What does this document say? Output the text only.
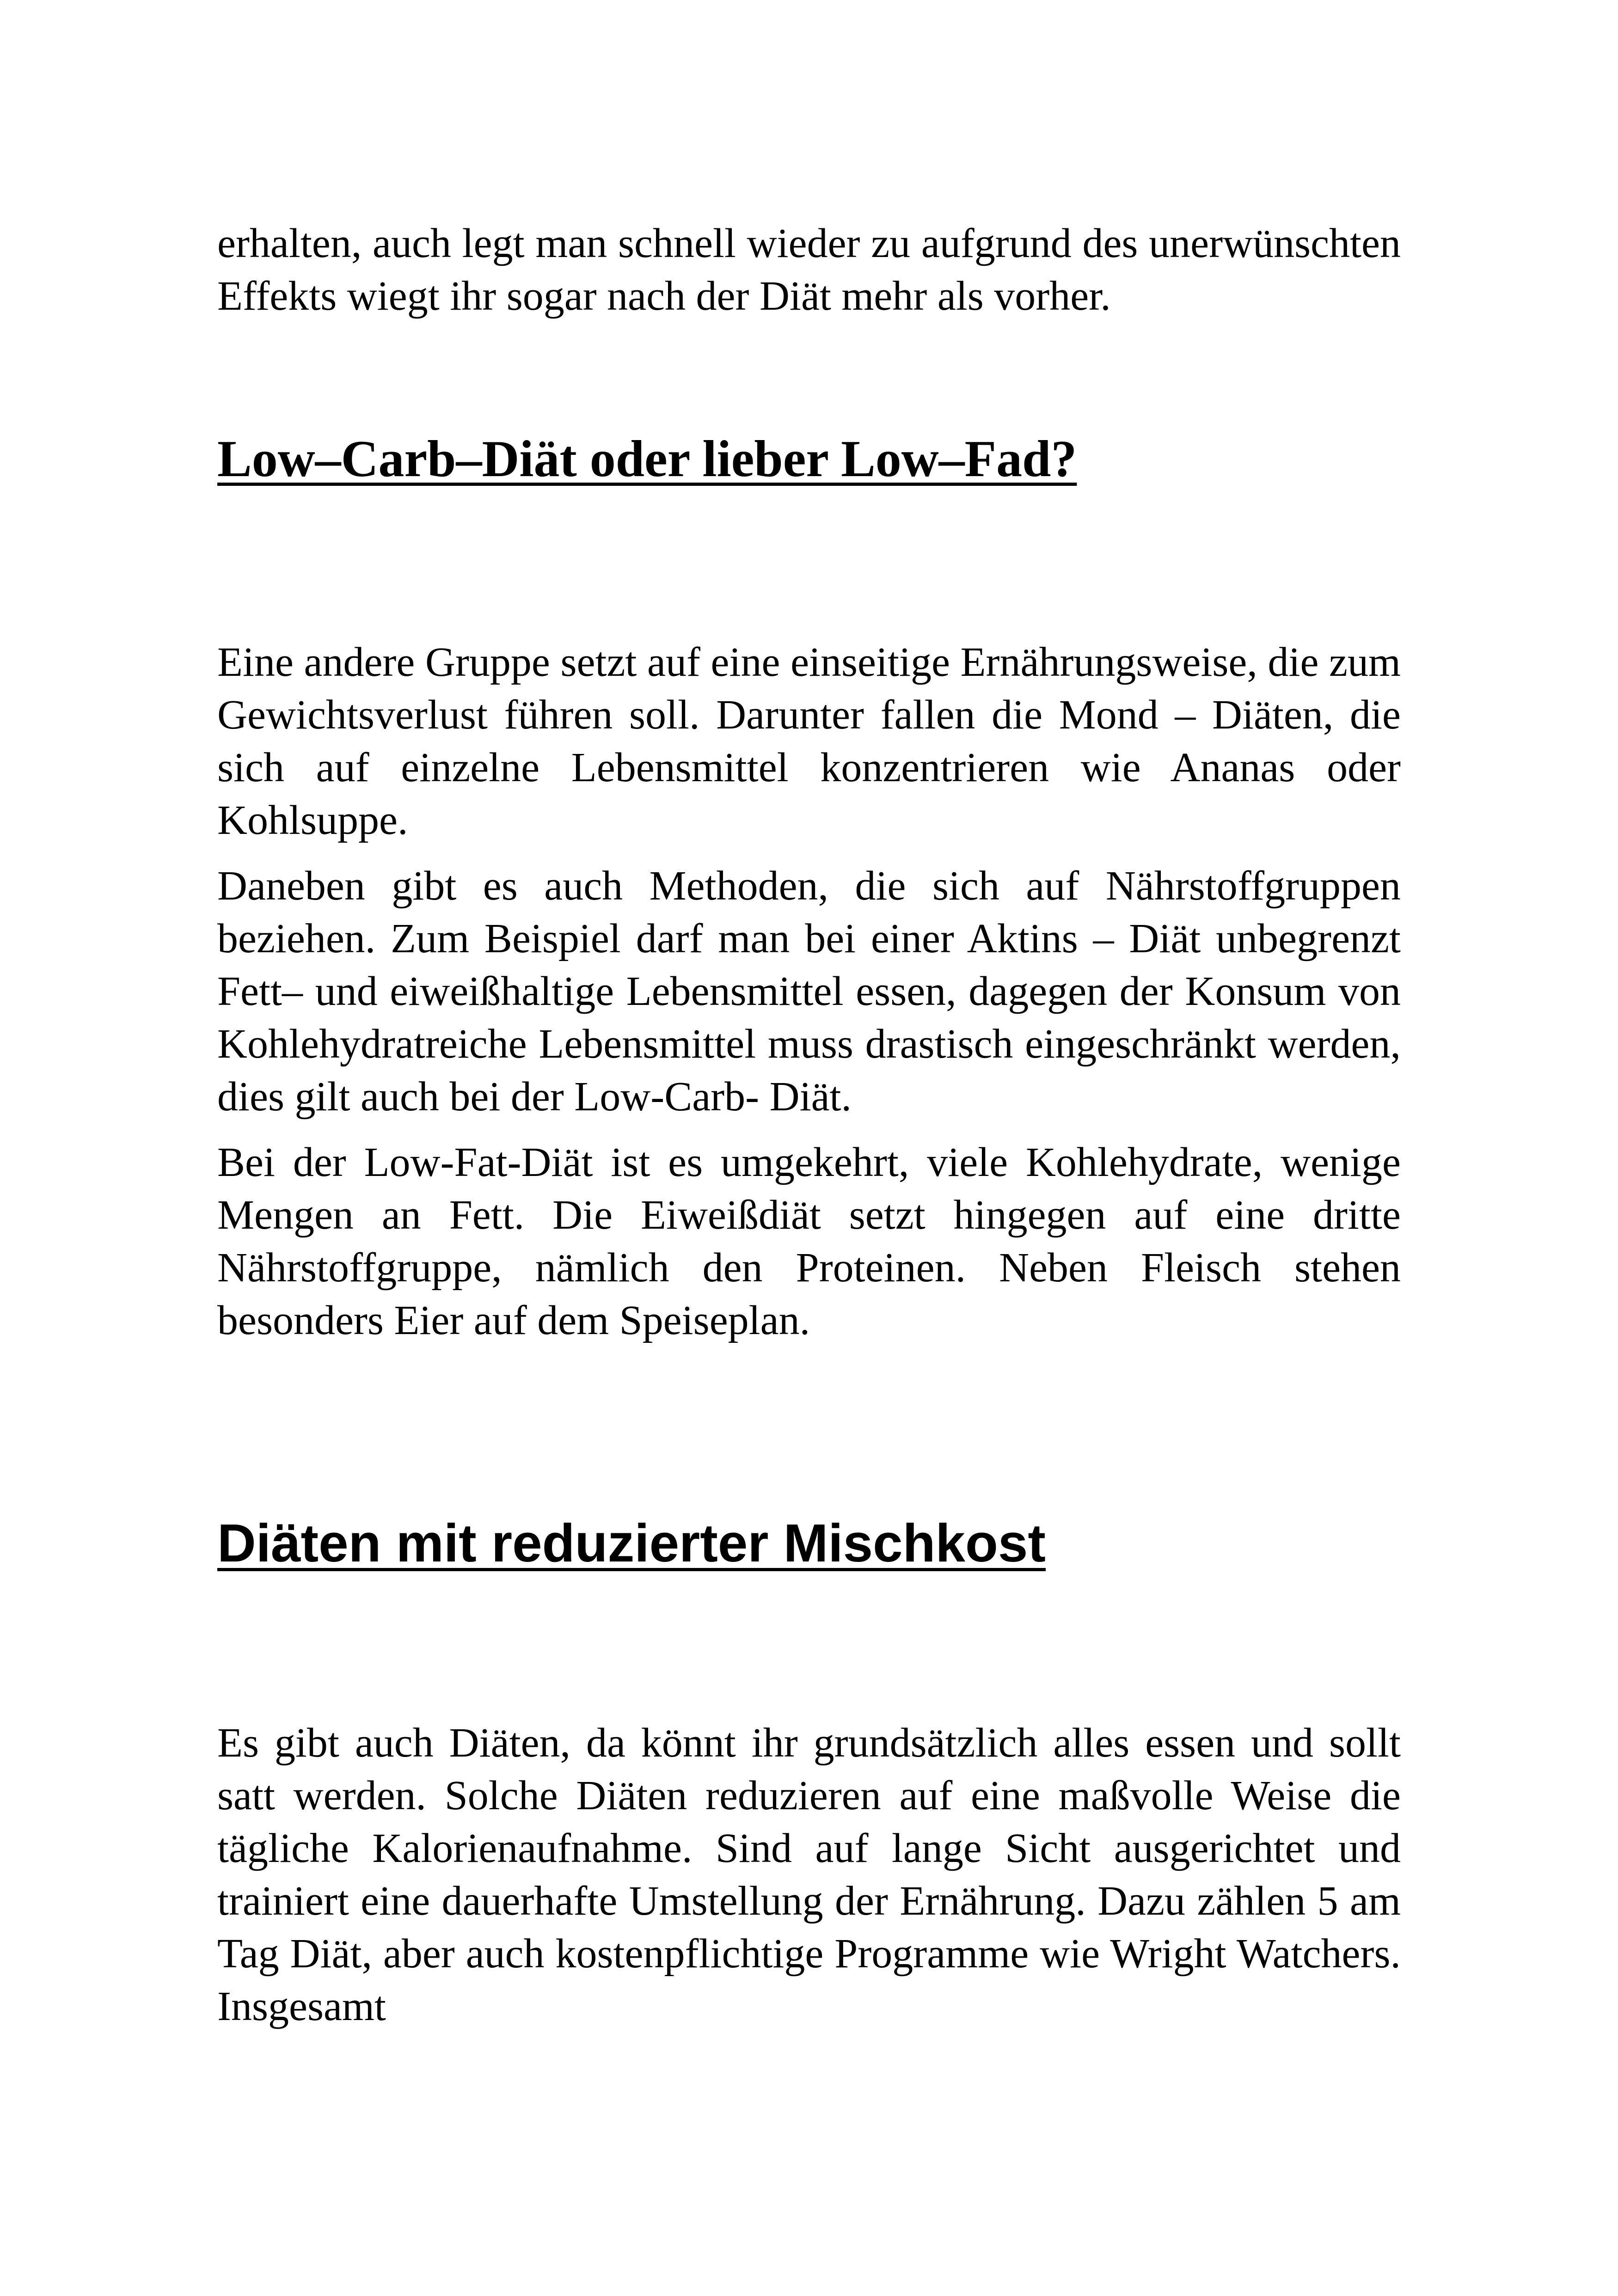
erhalten, auch legt man schnell wieder zu aufgrund des unerwünschten Effekts wiegt ihr sogar nach der Diät mehr als vorher.

Low–Carb–Diät oder lieber Low–Fad?

Eine andere Gruppe setzt auf eine einseitige Ernährungsweise, die zum Gewichtsverlust führen soll. Darunter fallen die Mond – Diäten, die sich auf einzelne Lebensmittel konzentrieren wie Ananas oder Kohlsuppe.

Daneben gibt es auch Methoden, die sich auf Nährstoffgruppen beziehen. Zum Beispiel darf man bei einer Aktins – Diät unbegrenzt Fett– und eiweißhaltige Lebensmittel essen, dagegen der Konsum von Kohlehydratreiche Lebensmittel muss drastisch eingeschränkt werden, dies gilt auch bei der Low-Carb- Diät.

Bei der Low-Fat-Diät ist es umgekehrt, viele Kohlehydrate, wenige Mengen an Fett. Die Eiweißdiät setzt hingegen auf eine dritte Nährstoffgruppe, nämlich den Proteinen. Neben Fleisch stehen besonders Eier auf dem Speiseplan.

Diäten mit reduzierter Mischkost

Es gibt auch Diäten, da könnt ihr grundsätzlich alles essen und sollt satt werden. Solche Diäten reduzieren auf eine maßvolle Weise die tägliche Kalorienaufnahme. Sind auf lange Sicht ausgerichtet und trainiert eine dauerhafte Umstellung der Ernährung. Dazu zählen 5 am Tag Diät, aber auch kostenpflichtige Programme wie Wright Watchers. Insgesamt
